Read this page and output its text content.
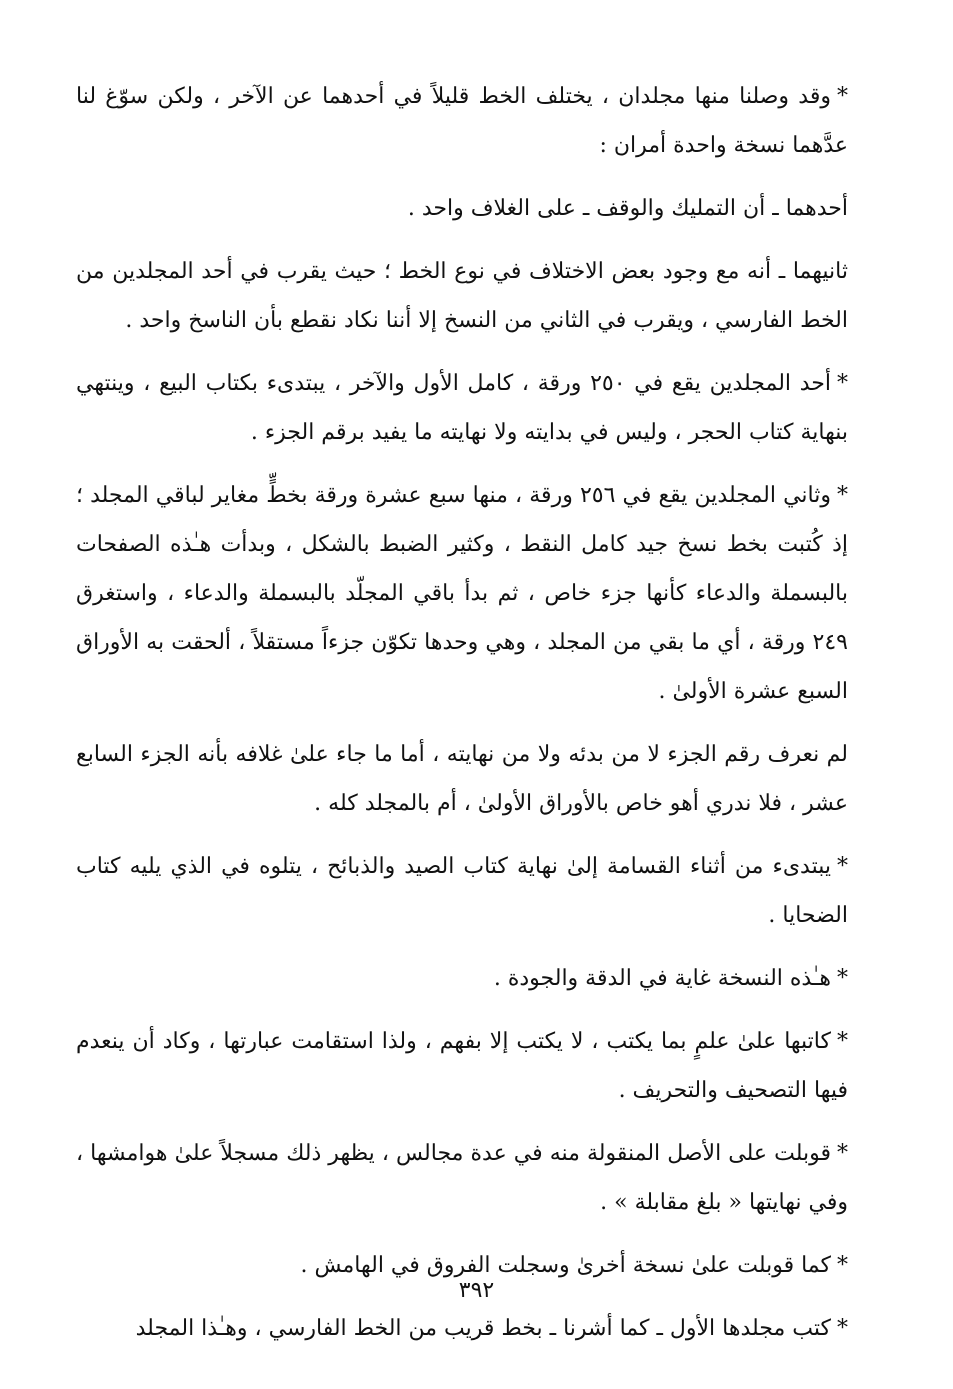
*وقد وصلنا منها مجلدان ، يختلف الخط قليلاً في أحدهما عن الآخر ، ولكن سوّغ لنا عدَّهما نسخة واحدة أمران :

أحدهما ـ أن التمليك والوقف ـ على الغلاف واحد .

ثانيهما ـ أنه مع وجود بعض الاختلاف في نوع الخط ؛ حيث يقرب في أحد المجلدين من الخط الفارسي ، ويقرب في الثاني من النسخ إلا أننا نكاد نقطع بأن الناسخ واحد .

*أحد المجلدين يقع في ٢٥٠ ورقة ، كامل الأول والآخر ، يبتدىء بكتاب البيع ، وينتهي بنهاية كتاب الحجر ، وليس في بدايته ولا نهايته ما يفيد برقم الجزء .

*وثاني المجلدين يقع في ٢٥٦ ورقة ، منها سبع عشرة ورقة بخطٍّ مغاير لباقي المجلد ؛ إذ كُتبت بخط نسخ جيد كامل النقط ، وكثير الضبط بالشكل ، وبدأت هـٰذه الصفحات بالبسملة والدعاء كأنها جزء خاص ، ثم بدأ باقي المجلّد بالبسملة والدعاء ، واستغرق ٢٤٩ ورقة ، أي ما بقي من المجلد ، وهي وحدها تكوّن جزءاً مستقلاً ، ألحقت به الأوراق السبع عشرة الأولىٰ .

لم نعرف رقم الجزء لا من بدئه ولا من نهايته ، أما ما جاء علىٰ غلافه بأنه الجزء السابع عشر ، فلا ندري أهو خاص بالأوراق الأولىٰ ، أم بالمجلد كله .

*يبتدىء من أثناء القسامة إلىٰ نهاية كتاب الصيد والذبائح ، يتلوه في الذي يليه كتاب الضحايا .

*هـٰذه النسخة غاية في الدقة والجودة .

*كاتبها علىٰ علمٍ بما يكتب ، لا يكتب إلا بفهم ، ولذا استقامت عبارتها ، وكاد أن ينعدم فيها التصحيف والتحريف .

*قوبلت على الأصل المنقولة منه في عدة مجالس ، يظهر ذلك مسجلاً علىٰ هوامشها ، وفي نهايتها « بلغ مقابلة » .

*كما قوبلت علىٰ نسخة أخرىٰ وسجلت الفروق في الهامش .

*كتب مجلدها الأول ـ كما أشرنا ـ بخط قريب من الخط الفارسي ، وهـٰذا المجلد

٣٩٢
